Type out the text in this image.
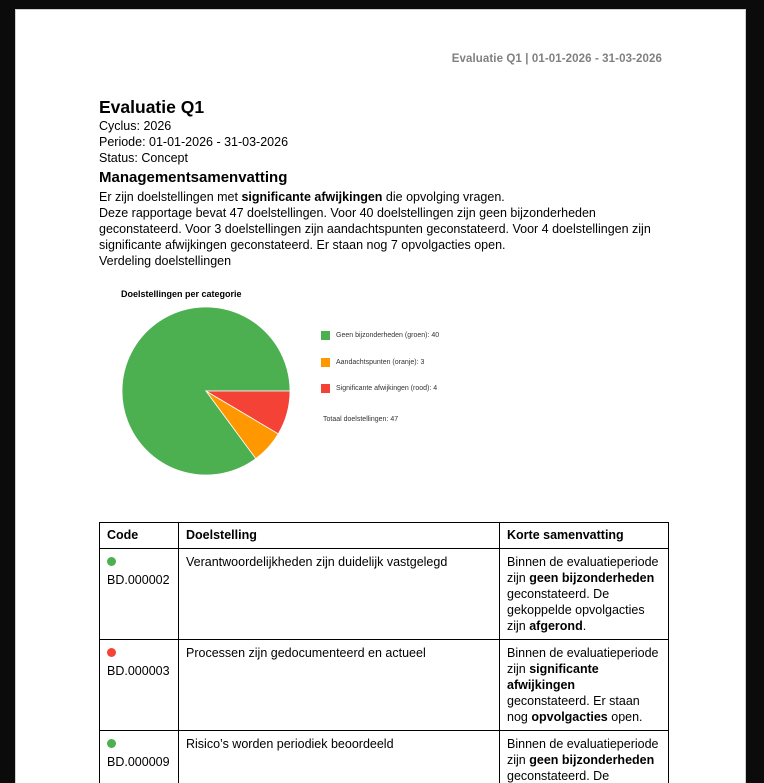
Evaluatie Q1 | 01-01-2026 - 31-03-2026
Evaluatie Q1
Cyclus: 2026
Periode: 01-01-2026 - 31-03-2026
Status: Concept
Managementsamenvatting
Er zijn doelstellingen met significante afwijkingen die opvolging vragen.
Deze rapportage bevat 47 doelstellingen. Voor 40 doelstellingen zijn geen bijzonderheden geconstateerd. Voor 3 doelstellingen zijn aandachtspunten geconstateerd. Voor 4 doelstellingen zijn significante afwijkingen geconstateerd. Er staan nog 7 opvolgacties open.
Verdeling doelstellingen
Doelstellingen per categorie
Geen bijzonderheden (groen): 40
Aandachtspunten (oranje): 3
Significante afwijkingen (rood): 4
Totaal doelstellingen: 47
Code	Doelstelling	Korte samenvatting

BD.000002	Verantwoordelijkheden zijn duidelijk vastgelegd	Binnen de evaluatieperiode zijn geen bijzonderheden geconstateerd. De gekoppelde opvolgacties zijn afgerond.

BD.000003	Processen zijn gedocumenteerd en actueel	Binnen de evaluatieperiode zijn significante afwijkingen geconstateerd. Er staan nog opvolgacties open.

BD.000009	Risico’s worden periodiek beoordeeld	Binnen de evaluatieperiode zijn geen bijzonderheden geconstateerd. De
